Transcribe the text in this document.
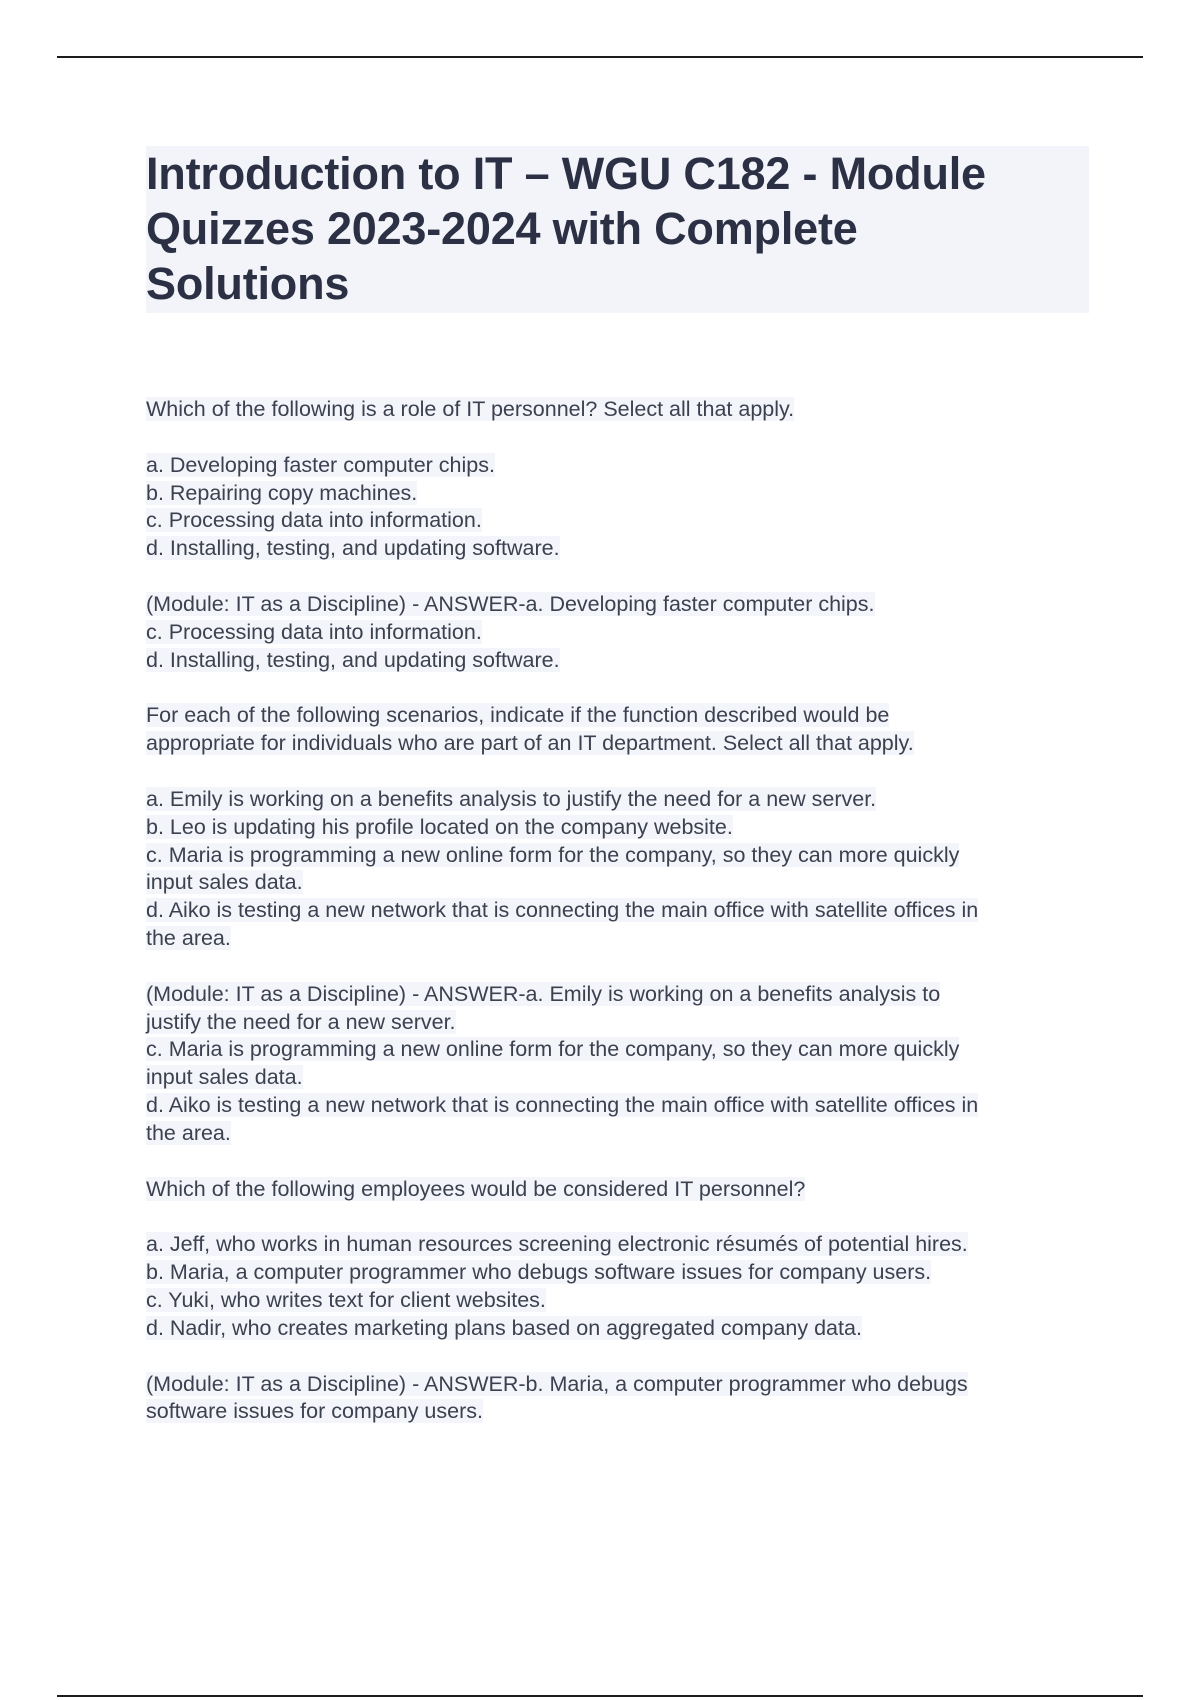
Introduction to IT – WGU C182 - Module
Quizzes 2023-2024 with Complete
Solutions
Which of the following is a role of IT personnel? Select all that apply.
a. Developing faster computer chips.
b. Repairing copy machines.
c. Processing data into information.
d. Installing, testing, and updating software.
(Module: IT as a Discipline) - ANSWER-a. Developing faster computer chips.
c. Processing data into information.
d. Installing, testing, and updating software.
For each of the following scenarios, indicate if the function described would be
appropriate for individuals who are part of an IT department. Select all that apply.
a. Emily is working on a benefits analysis to justify the need for a new server.
b. Leo is updating his profile located on the company website.
c. Maria is programming a new online form for the company, so they can more quickly
input sales data.
d. Aiko is testing a new network that is connecting the main office with satellite offices in
the area.
(Module: IT as a Discipline) - ANSWER-a. Emily is working on a benefits analysis to
justify the need for a new server.
c. Maria is programming a new online form for the company, so they can more quickly
input sales data.
d. Aiko is testing a new network that is connecting the main office with satellite offices in
the area.
Which of the following employees would be considered IT personnel?
a. Jeff, who works in human resources screening electronic résumés of potential hires.
b. Maria, a computer programmer who debugs software issues for company users.
c. Yuki, who writes text for client websites.
d. Nadir, who creates marketing plans based on aggregated company data.
(Module: IT as a Discipline) - ANSWER-b. Maria, a computer programmer who debugs
software issues for company users.
